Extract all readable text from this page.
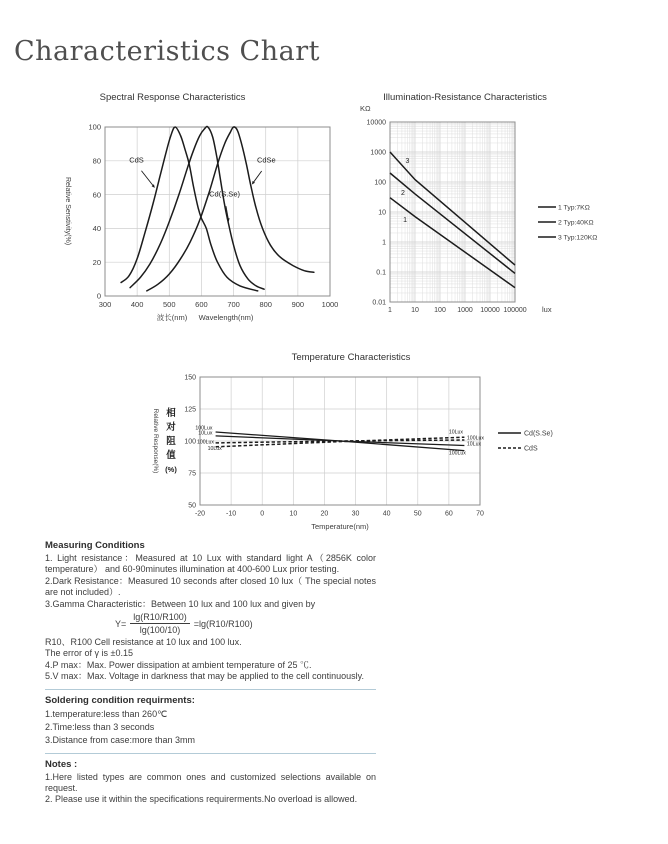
Characteristics Chart
Spectral Response Characteristics
CdS	CdSe
Cd(S.Se)
300	400	500	600	700	800	900 1000
0
20
40
60
80
100
波长(nm) Wavelength(nm)
Relative Senstivity(%)
Illumination-Resistance Characteristics
1
2
3
1	10 100 1000 10000 100000
10000
1000
100
10
1
0.1
0.01
KΩ
lux
1 Typ:7KΩ
2 Typ:40KΩ
3 Typ:120KΩ
Temperature Characteristics
100Lux
10Lux
100Lux
10Lux
10Lux
100Lux
10Lux
100Lux
-20	-10	0	10	20	30	40	50	60	70
150
125
100
75
50
Temperature(nm)
Relative Response(%) 相
对
阻
值
(%)
Cd(S.Se)
CdS
Measuring Conditions

1. Light resistance：Measured at 10 Lux with standard light A（2856K color temperature） and 60-90minutes illumination at 400-600 Lux prior testing.

2.Dark Resistance：Measured 10 seconds after closed 10 lux（ The special notes are not included）.

3.Gamma Characteristic：Between 10 lux and 100 lux and given by

$Y= \frac{\lg(R10/R100)}{\lg(100/10)} =\lg(R10/R100)$

R10、R100 Cell resistance at 10 lux and 100 lux.

The error of γ is ±0.15

4.P max：Max. Power dissipation at ambient temperature of 25 ℃.

5.V max：Max. Voltage in darkness that may be applied to the cell continuously.

Soldering condition requirments:

1.temperature:less than 260℃

2.Time:less than 3 seconds

3.Distance from case:more than 3mm

Notes :

1.Here listed types are common ones and customized selections available on request.

2. Please use it within the specifications requirerments.No overload is allowed.
